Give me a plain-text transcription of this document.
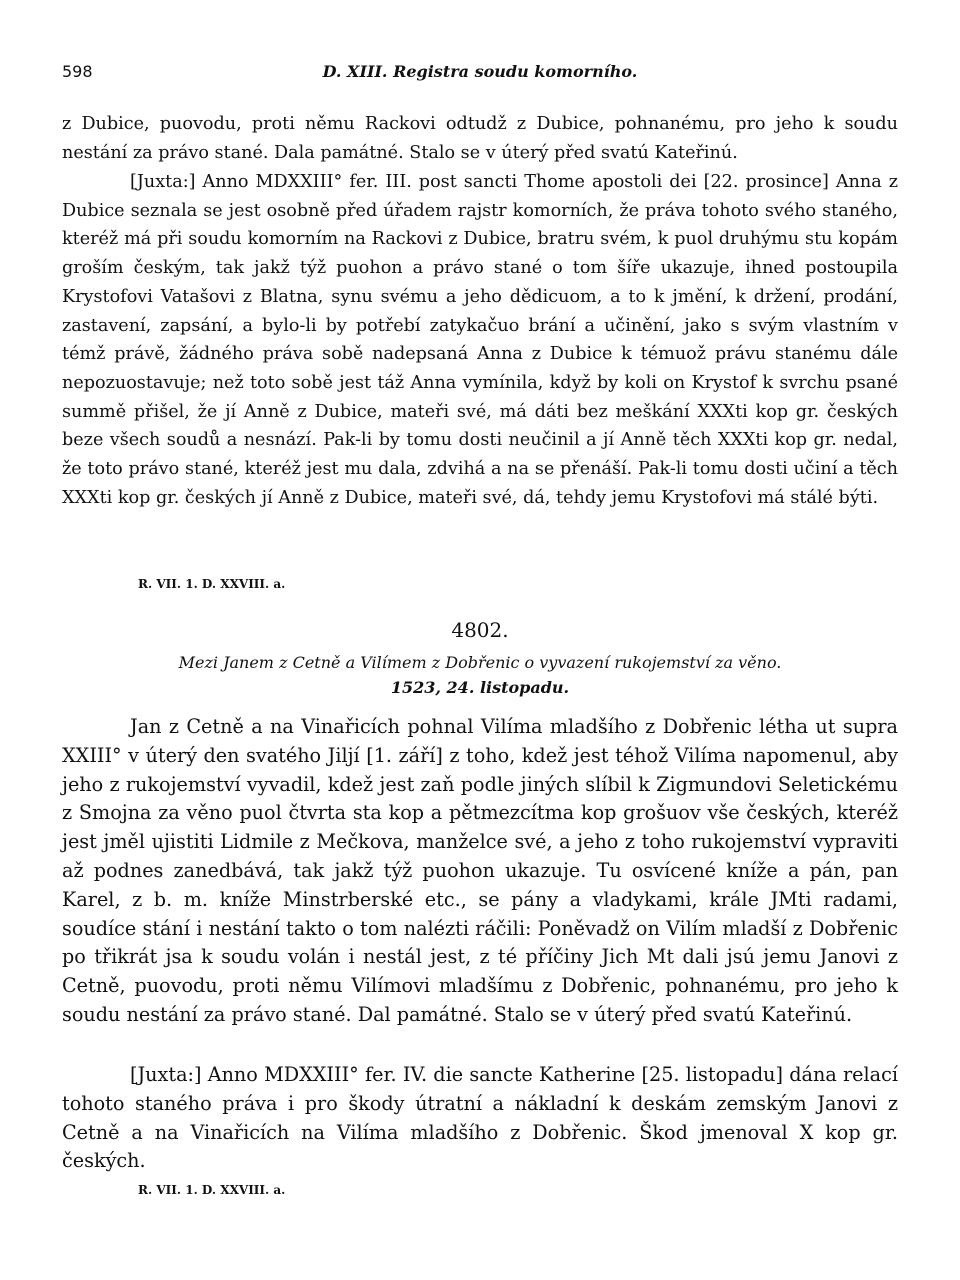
598	D. XIII. Registra soudu komorního.

z Dubice, puovodu, proti němu Rackovi odtudž z Dubice, pohnanému, pro jeho k soudu nestání za právo stané. Dala památné. Stalo se v úterý před svatú Kateřinú.

[Juxta:] Anno MDXXIII° fer. III. post sancti Thome apostoli dei [22. prosince] Anna z Dubice seznala se jest osobně před úřadem rajstr komorních, že práva tohoto svého staného, kteréž má při soudu komorním na Rackovi z Dubice, bratru svém, k puol druhýmu stu kopám groším českým, tak jakž týž puohon a právo stané o tom šíře ukazuje, ihned postoupila Krystofovi Vatašovi z Blatna, synu svému a jeho dědicuom, a to k jmění, k držení, prodání, zastavení, zapsání, a bylo-li by potřebí zatykačuo brání a učinění, jako s svým vlastním v témž právě, žádného práva sobě nadepsaná Anna z Dubice k témuož právu stanému dále nepozuostavuje; než toto sobě jest táž Anna vymínila, když by koli on Krystof k svrchu psané summě přišel, že jí Anně z Dubice, mateři své, má dáti bez meškání XXXti kop gr. českých beze všech soudů a nesnází. Pak-li by tomu dosti neučinil a jí Anně těch XXXti kop gr. nedal, že toto právo stané, kteréž jest mu dala, zdvihá a na se přenáší. Pak-li tomu dosti učiní a těch XXXti kop gr. českých jí Anně z Dubice, mateři své, dá, tehdy jemu Krystofovi má stálé býti.

R. VII. 1. D. XXVIII. a.
4802.
Mezi Janem z Cetně a Vilímem z Dobřenic o vyvazení rukojemství za věno.
1523, 24. listopadu.

Jan z Cetně a na Vinařicích pohnal Vilíma mladšího z Dobřenic létha ut supra XXIII° v úterý den svatého Jiljí [1. září] z toho, kdež jest téhož Vilíma napomenul, aby jeho z rukojemství vyvadil, kdež jest zaň podle jiných slíbil k Zigmundovi Seletickému z Smojna za věno puol čtvrta sta kop a pětmezcítma kop grošuov vše českých, kteréž jest jměl ujistiti Lidmile z Mečkova, manželce své, a jeho z toho rukojemství vypraviti až podnes zanedbává, tak jakž týž puohon ukazuje. Tu osvícené kníže a pán, pan Karel, z b. m. kníže Minstrberské etc., se pány a vladykami, krále JMti radami, soudíce stání i nestání takto o tom nalézti ráčili: Poněvadž on Vilím mladší z Dobřenic po třikrát jsa k soudu volán i nestál jest, z té příčiny Jich Mt dali jsú jemu Janovi z Cetně, puovodu, proti němu Vilímovi mladšímu z Dobřenic, pohnanému, pro jeho k soudu nestání za právo stané. Dal památné. Stalo se v úterý před svatú Kateřinú.

[Juxta:] Anno MDXXIII° fer. IV. die sancte Katherine [25. listopadu] dána relací tohoto staného práva i pro škody útratní a nákladní k deskám zemským Janovi z Cetně a na Vinařicích na Vilíma mladšího z Dobřenic. Škod jmenoval X kop gr. českých.

R. VII. 1. D. XXVIII. a.
